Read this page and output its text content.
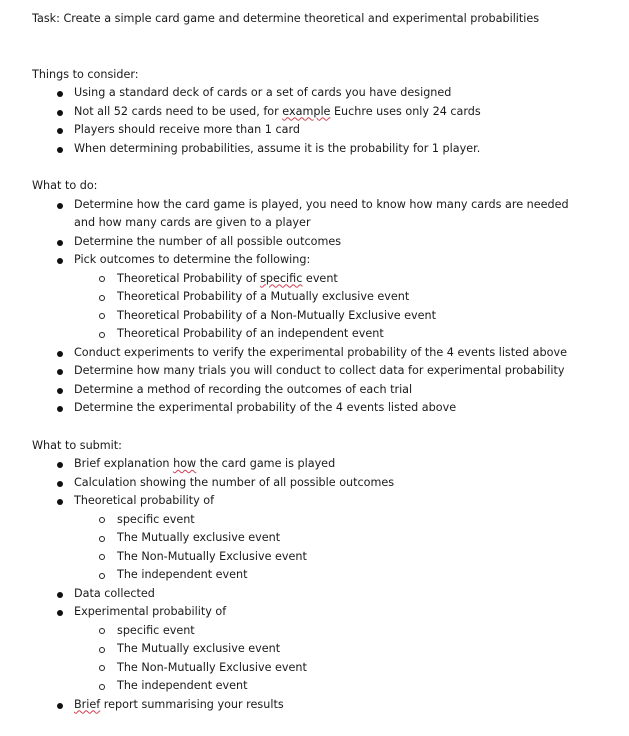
Task: Create a simple card game and determine theoretical and experimental probabilities
Things to consider:
Using a standard deck of cards or a set of cards you have designed
Not all 52 cards need to be used, for example Euchre uses only 24 cards
Players should receive more than 1 card
When determining probabilities, assume it is the probability for 1 player.
What to do:
Determine how the card game is played, you need to know how many cards are needed and how many cards are given to a player
Determine the number of all possible outcomes
Pick outcomes to determine the following:
Theoretical Probability of specific event
Theoretical Probability of a Mutually exclusive event
Theoretical Probability of a Non-Mutually Exclusive event
Theoretical Probability of an independent event
Conduct experiments to verify the experimental probability of the 4 events listed above
Determine how many trials you will conduct to collect data for experimental probability
Determine a method of recording the outcomes of each trial
Determine the experimental probability of the 4 events listed above
What to submit:
Brief explanation how the card game is played
Calculation showing the number of all possible outcomes
Theoretical probability of
specific event
The Mutually exclusive event
The Non-Mutually Exclusive event
The independent event
Data collected
Experimental probability of
specific event
The Mutually exclusive event
The Non-Mutually Exclusive event
The independent event
Brief report summarising your results
